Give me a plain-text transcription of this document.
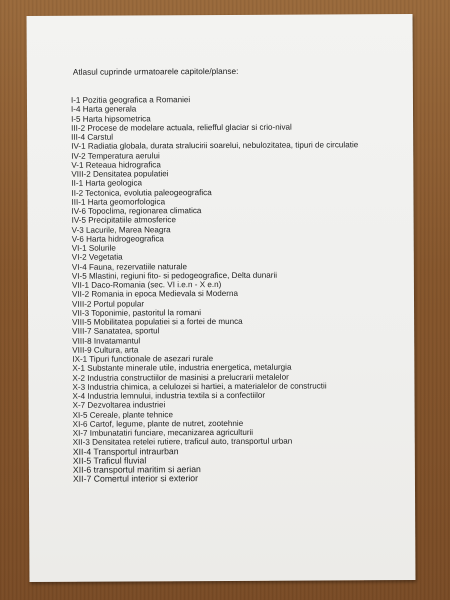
Atlasul cuprinde urmatoarele capitole/planse:
I-1 Pozitia geografica a Romaniei
I-4 Harta generala
I-5 Harta hipsometrica
III-2 Procese de modelare actuala, reliefful glaciar si crio-nival
III-4 Carstul
IV-1 Radiatia globala, durata stralucirii soarelui, nebulozitatea, tipuri de circulatie
IV-2 Temperatura aerului
V-1 Reteaua hidrografica
VIII-2 Densitatea populatiei
II-1 Harta geologica
II-2 Tectonica, evolutia paleogeografica
III-1 Harta geomorfologica
IV-6 Topoclima, regionarea climatica
IV-5 Precipitatiile atmosferice
V-3 Lacurile, Marea Neagra
V-6 Harta hidrogeografica
VI-1 Solurile
VI-2 Vegetatia
VI-4 Fauna, rezervatiile naturale
VI-5 Mlastini, regiuni fito- si pedogeografice, Delta dunarii
VII-1 Daco-Romania (sec. VI i.e.n - X e.n)
VII-2 Romania in epoca Medievala si Moderna
VIII-2 Portul popular
VII-3 Toponimie, pastoritul la romani
VIII-5 Mobilitatea populatiei si a fortei de munca
VIII-7 Sanatatea, sportul
VIII-8 Invatamantul
VIII-9 Cultura, arta
IX-1 Tipuri functionale de asezari rurale
X-1 Substante minerale utile, industria energetica, metalurgia
X-2 Industria constructiilor de masinisi a prelucrarii metalelor
X-3 Industria chimica, a celulozei si hartiei, a materialelor de constructii
X-4 Industria lemnului, industria textila si a confectiilor
X-7 Dezvoltarea industriei
XI-5 Cereale, plante tehnice
XI-6 Cartof, legume, plante de nutret, zootehnie
XI-7 Imbunatatiri funciare, mecanizarea agriculturii
XII-3 Densitatea retelei rutiere, traficul auto, transportul urban
XII-4 Transportul intraurban
XII-5 Traficul fluvial
XII-6 transportul maritim si aerian
XII-7 Comertul interior si exterior
